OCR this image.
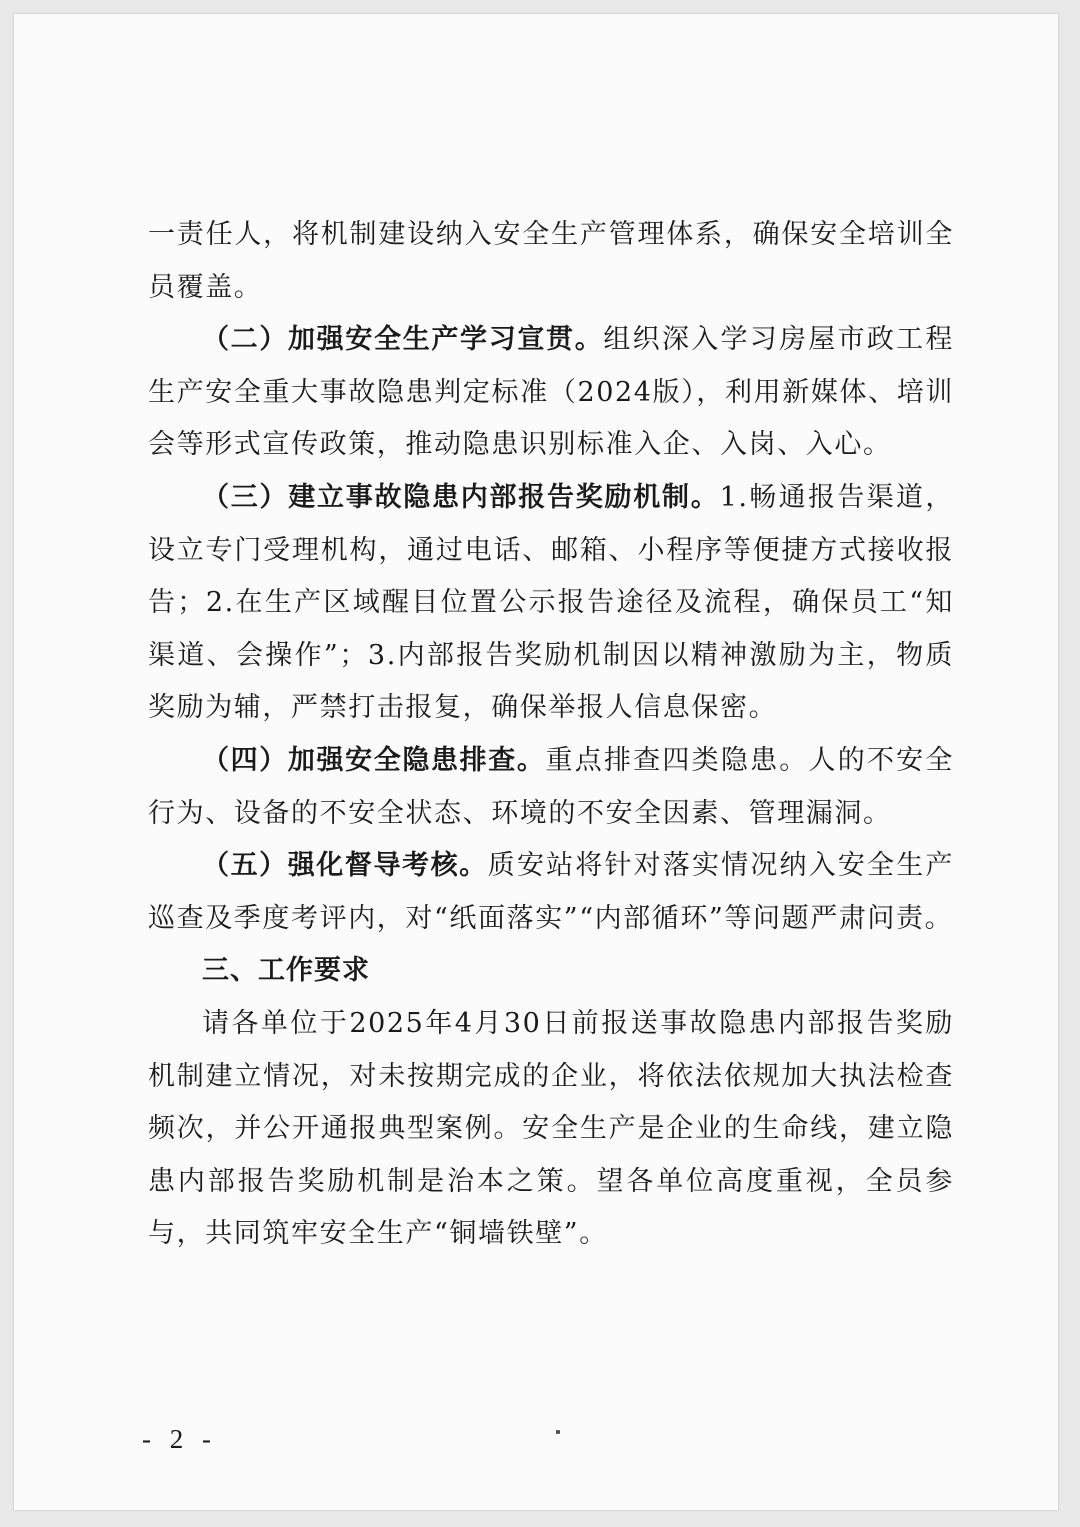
一责任人，将机制建设纳入安全生产管理体系，确保安全培训全员覆盖。

（二）加强安全生产学习宣贯。组织深入学习房屋市政工程生产安全重大事故隐患判定标准（2024版），利用新媒体、培训会等形式宣传政策，推动隐患识别标准入企、入岗、入心。

（三）建立事故隐患内部报告奖励机制。1.畅通报告渠道，设立专门受理机构，通过电话、邮箱、小程序等便捷方式接收报告；2.在生产区域醒目位置公示报告途径及流程，确保员工“知渠道、会操作”；3.内部报告奖励机制因以精神激励为主，物质奖励为辅，严禁打击报复，确保举报人信息保密。

（四）加强安全隐患排查。重点排查四类隐患。人的不安全行为、设备的不安全状态、环境的不安全因素、管理漏洞。

（五）强化督导考核。质安站将针对落实情况纳入安全生产巡查及季度考评内，对“纸面落实”“内部循环”等问题严肃问责。

三、工作要求

请各单位于2025年4月30日前报送事故隐患内部报告奖励机制建立情况，对未按期完成的企业，将依法依规加大执法检查频次，并公开通报典型案例。安全生产是企业的生命线，建立隐患内部报告奖励机制是治本之策。望各单位高度重视，全员参与，共同筑牢安全生产“铜墙铁壁”。

- 2 -
